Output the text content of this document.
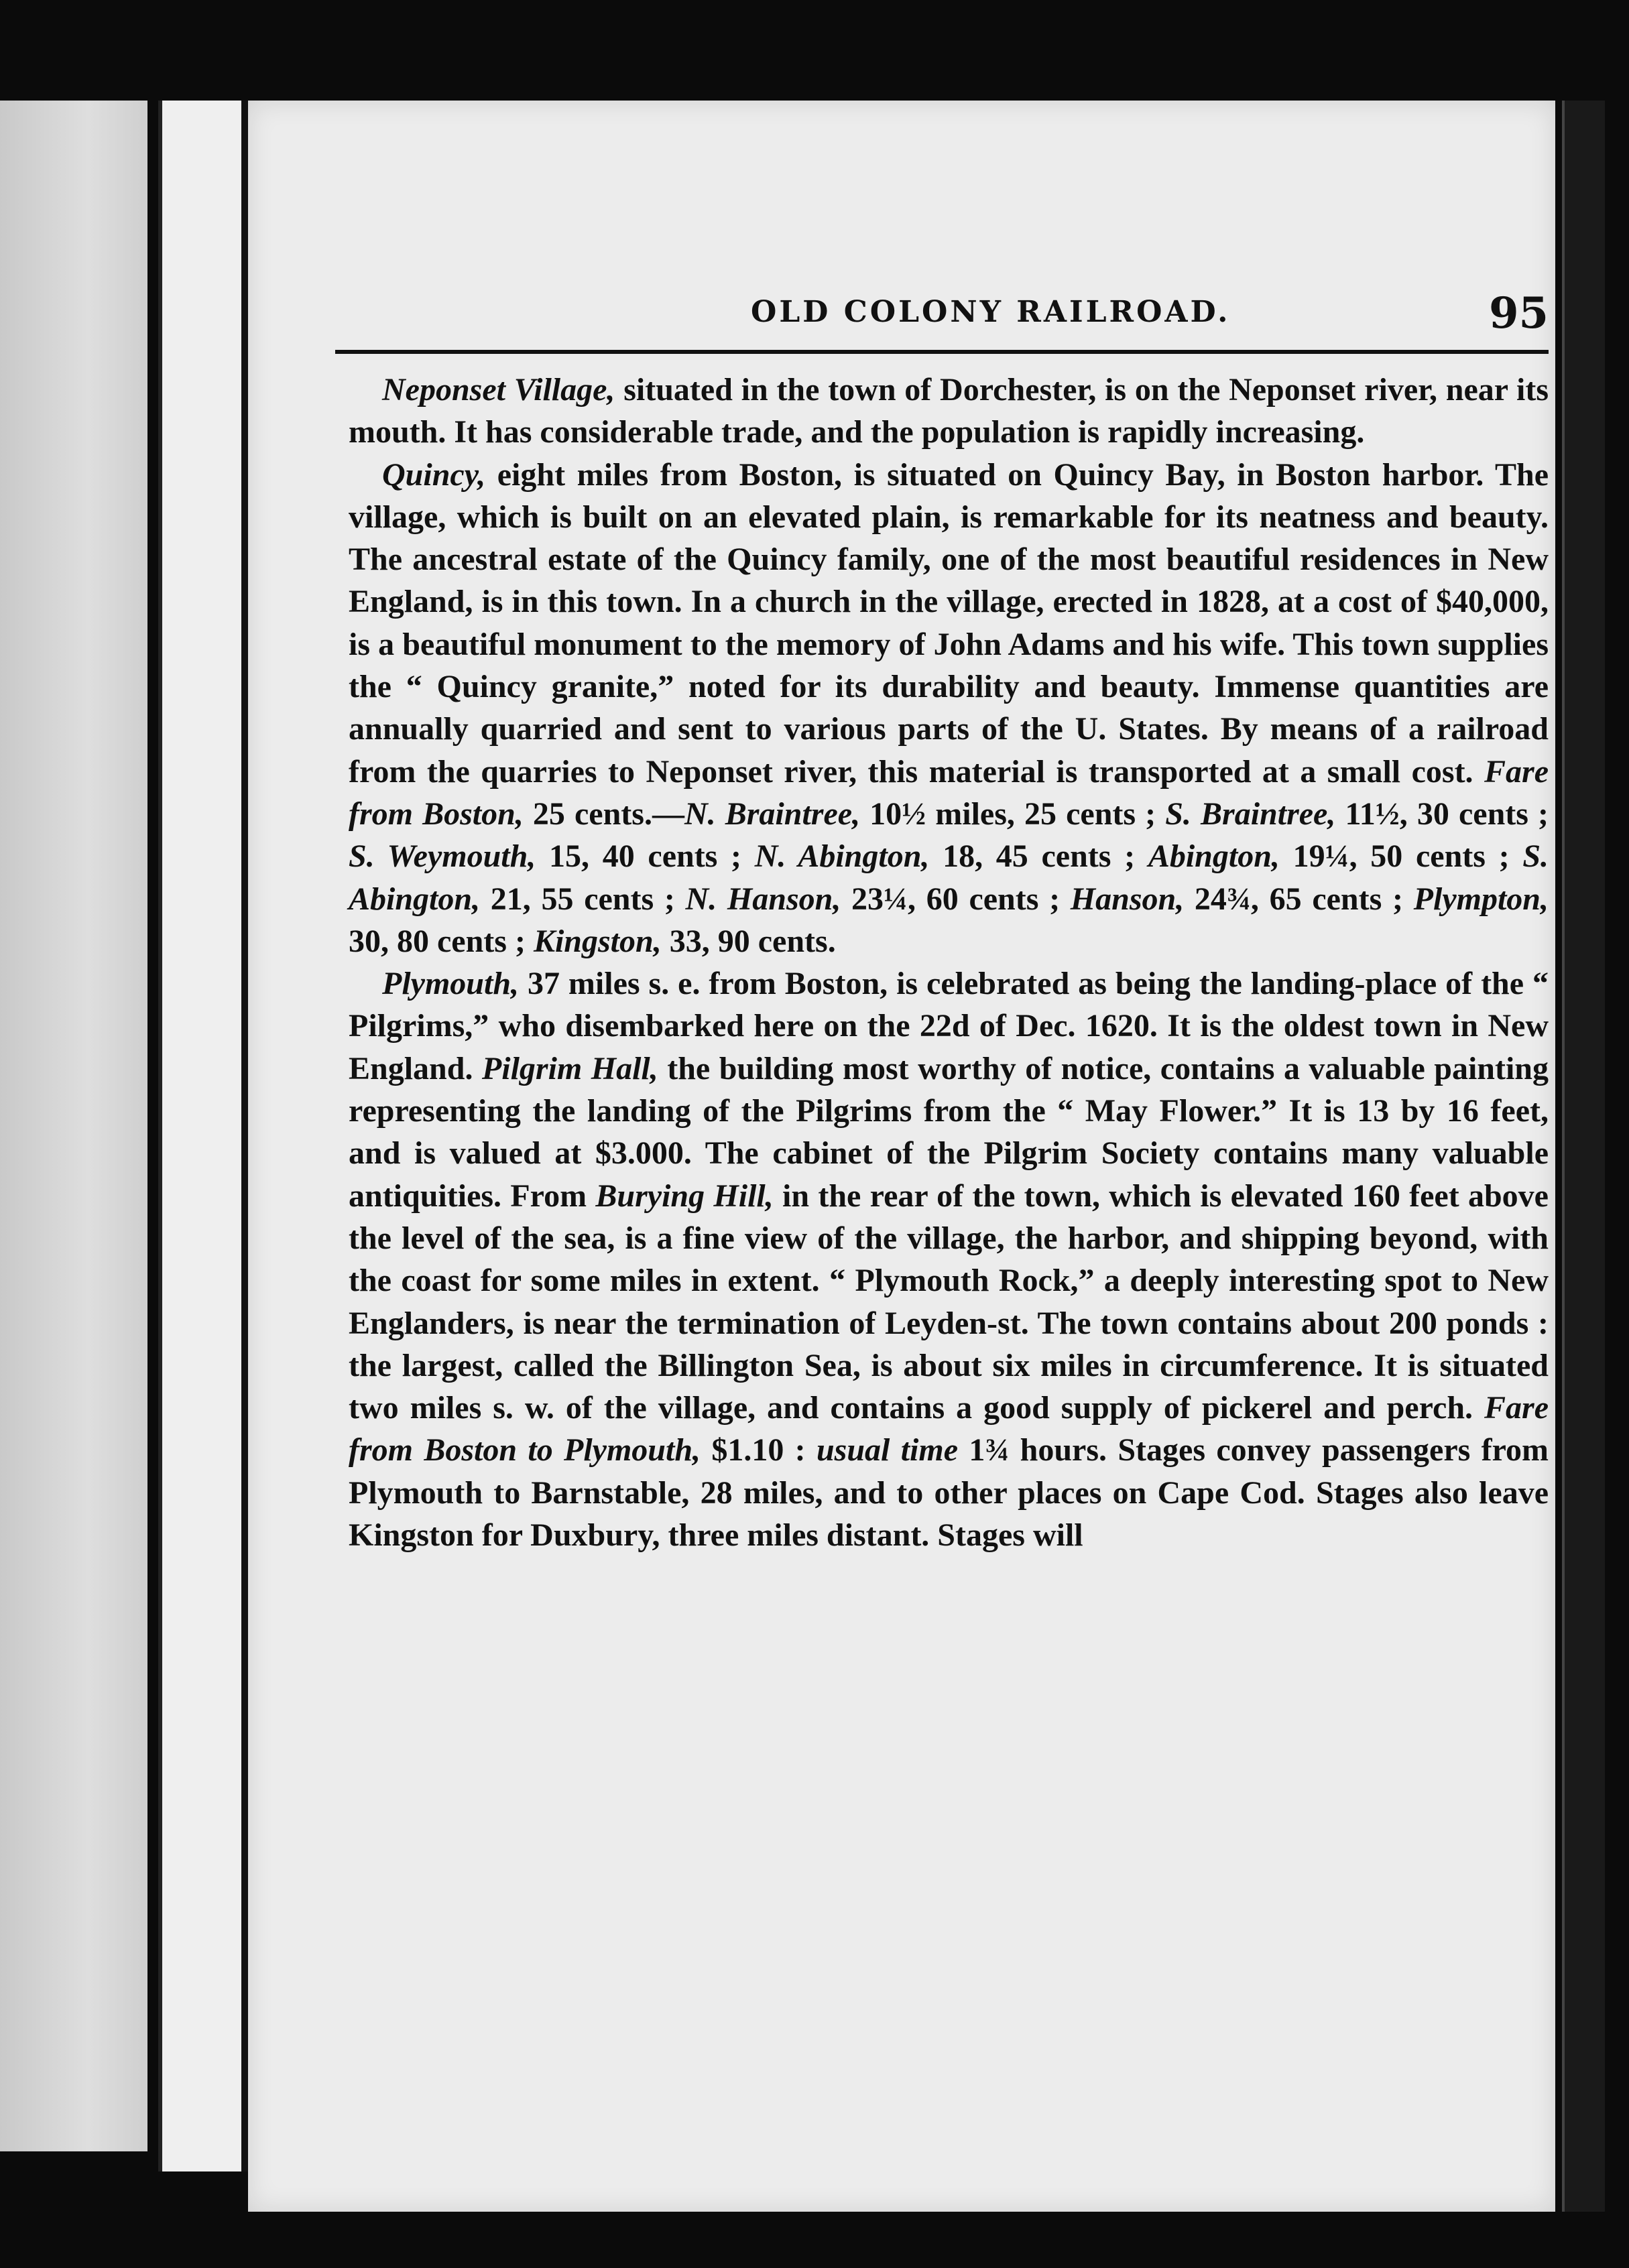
OLD COLONY RAILROAD.	95

Neponset Village, situated in the town of Dorchester, is on the Neponset river, near its mouth. It has considerable trade, and the population is rapidly increasing.

Quincy, eight miles from Boston, is situated on Quincy Bay, in Boston harbor. The village, which is built on an elevated plain, is remarkable for its neatness and beauty. The ancestral estate of the Quincy family, one of the most beautiful residences in New England, is in this town. In a church in the village, erected in 1828, at a cost of $40,000, is a beautiful monument to the memory of John Adams and his wife. This town supplies the “ Quincy granite,” noted for its durability and beauty. Immense quantities are annually quarried and sent to various parts of the U. States. By means of a railroad from the quarries to Neponset river, this material is transported at a small cost. Fare from Boston, 25 cents.—N. Braintree, 10½ miles, 25 cents ; S. Braintree, 11½, 30 cents ; S. Weymouth, 15, 40 cents ; N. Abington, 18, 45 cents ; Abington, 19¼, 50 cents ; S. Abington, 21, 55 cents ; N. Hanson, 23¼, 60 cents ; Hanson, 24¾, 65 cents ; Plympton, 30, 80 cents ; Kingston, 33, 90 cents.

Plymouth, 37 miles s. e. from Boston, is celebrated as being the landing-place of the “ Pilgrims,” who disembarked here on the 22d of Dec. 1620. It is the oldest town in New England. Pilgrim Hall, the building most worthy of notice, contains a valuable painting representing the landing of the Pilgrims from the “ May Flower.” It is 13 by 16 feet, and is valued at $3.000. The cabinet of the Pilgrim Society contains many valuable antiquities. From Burying Hill, in the rear of the town, which is elevated 160 feet above the level of the sea, is a fine view of the village, the harbor, and shipping beyond, with the coast for some miles in extent. “ Plymouth Rock,” a deeply interesting spot to New Englanders, is near the termination of Leyden-st. The town contains about 200 ponds : the largest, called the Billington Sea, is about six miles in circumference. It is situated two miles s. w. of the village, and contains a good supply of pickerel and perch. Fare from Boston to Plymouth, $1.10 : usual time 1¾ hours. Stages convey passengers from Plymouth to Barnstable, 28 miles, and to other places on Cape Cod. Stages also leave Kingston for Duxbury, three miles distant. Stages will
